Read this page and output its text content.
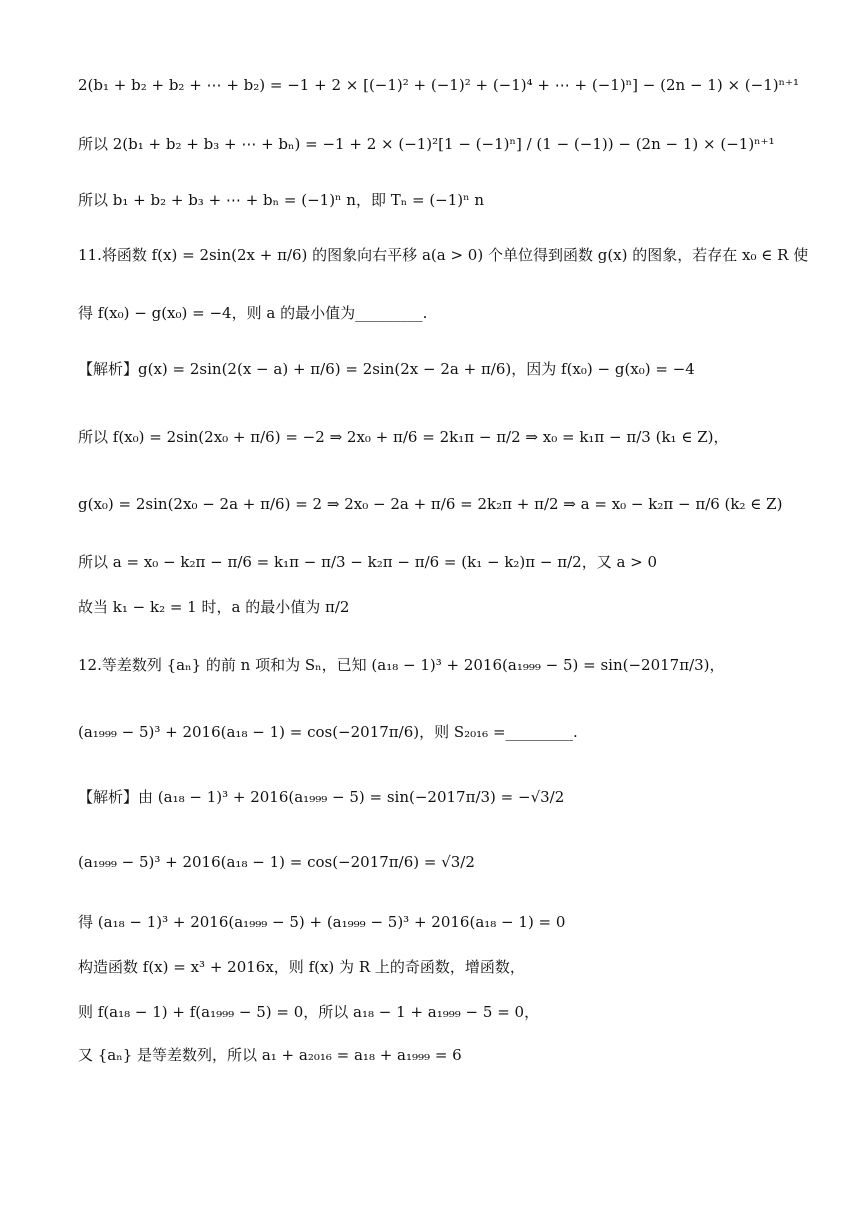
2(b₁ + b₂ + b₂ + ⋯ + b₂) = −1 + 2 × [(−1)² + (−1)² + (−1)⁴ + ⋯ + (−1)ⁿ] − (2n − 1) × (−1)ⁿ⁺¹
所以 2(b₁ + b₂ + b₃ + ⋯ + bₙ) = −1 + 2 × (−1)²[1 − (−1)ⁿ] / (1 − (−1)) − (2n − 1) × (−1)ⁿ⁺¹
所以 b₁ + b₂ + b₃ + ⋯ + bₙ = (−1)ⁿ n，即 Tₙ = (−1)ⁿ n
11.将函数 f(x) = 2sin(2x + π/6) 的图象向右平移 a(a > 0) 个单位得到函数 g(x) 的图象，若存在 x₀ ∈ R 使
得 f(x₀) − g(x₀) = −4，则 a 的最小值为_________.
【解析】g(x) = 2sin(2(x − a) + π/6) = 2sin(2x − 2a + π/6)，因为 f(x₀) − g(x₀) = −4
所以 f(x₀) = 2sin(2x₀ + π/6) = −2 ⇒ 2x₀ + π/6 = 2k₁π − π/2 ⇒ x₀ = k₁π − π/3 (k₁ ∈ Z)，
g(x₀) = 2sin(2x₀ − 2a + π/6) = 2 ⇒ 2x₀ − 2a + π/6 = 2k₂π + π/2 ⇒ a = x₀ − k₂π − π/6 (k₂ ∈ Z)
所以 a = x₀ − k₂π − π/6 = k₁π − π/3 − k₂π − π/6 = (k₁ − k₂)π − π/2，又 a > 0
故当 k₁ − k₂ = 1 时，a 的最小值为 π/2
12.等差数列 {aₙ} 的前 n 项和为 Sₙ，已知 (a₁₈ − 1)³ + 2016(a₁₉₉₉ − 5) = sin(−2017π/3)，
(a₁₉₉₉ − 5)³ + 2016(a₁₈ − 1) = cos(−2017π/6)，则 S₂₀₁₆ =_________.
【解析】由 (a₁₈ − 1)³ + 2016(a₁₉₉₉ − 5) = sin(−2017π/3) = −√3/2
(a₁₉₉₉ − 5)³ + 2016(a₁₈ − 1) = cos(−2017π/6) = √3/2
得 (a₁₈ − 1)³ + 2016(a₁₉₉₉ − 5) + (a₁₉₉₉ − 5)³ + 2016(a₁₈ − 1) = 0
构造函数 f(x) = x³ + 2016x，则 f(x) 为 R 上的奇函数，增函数，
则 f(a₁₈ − 1) + f(a₁₉₉₉ − 5) = 0，所以 a₁₈ − 1 + a₁₉₉₉ − 5 = 0，
又 {aₙ} 是等差数列，所以 a₁ + a₂₀₁₆ = a₁₈ + a₁₉₉₉ = 6
